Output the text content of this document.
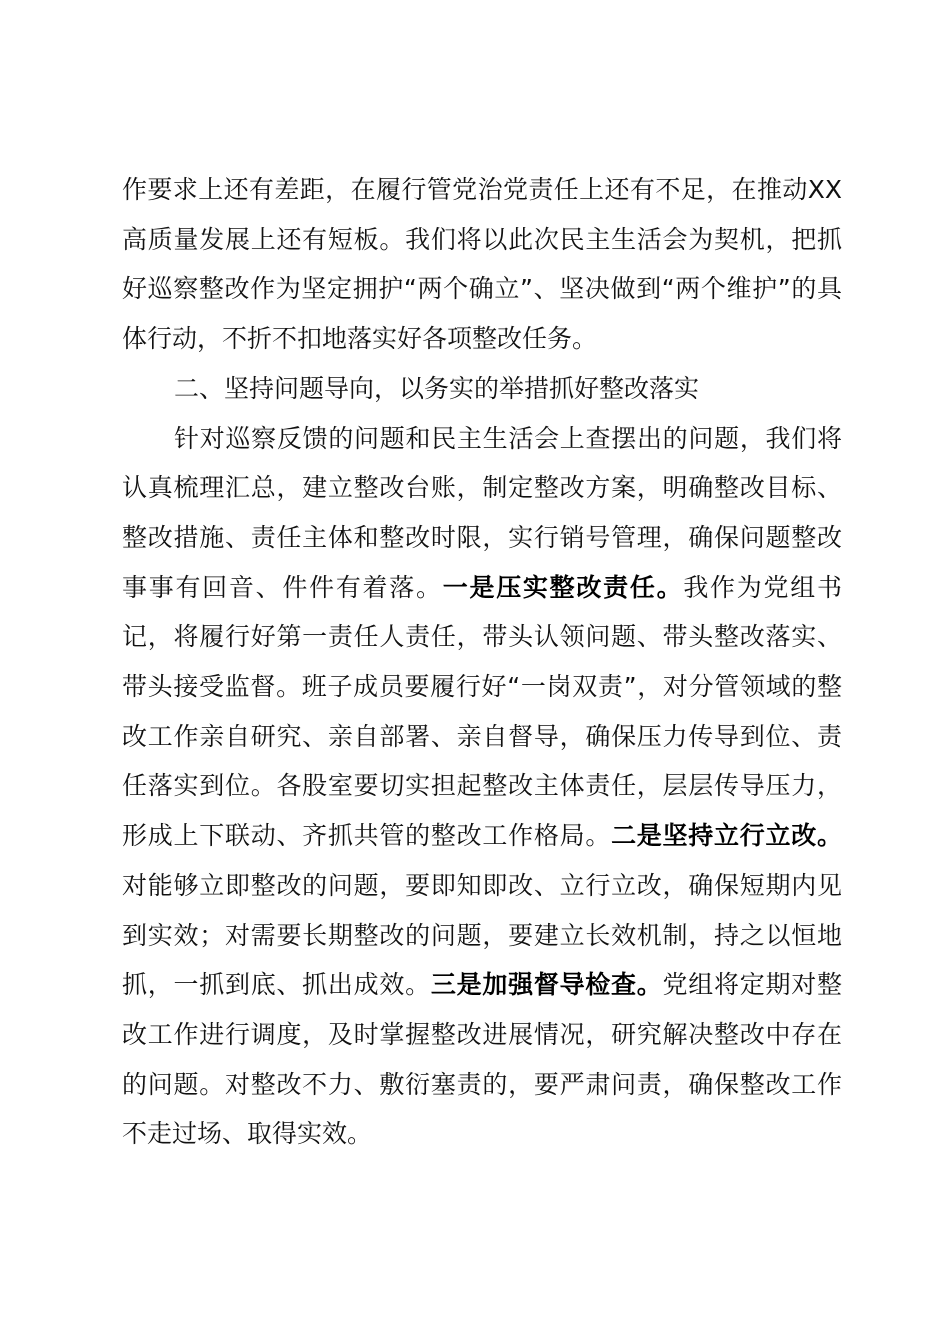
作要求上还有差距，在履行管党治党责任上还有不足，在推动XX高质量发展上还有短板。我们将以此次民主生活会为契机，把抓好巡察整改作为坚定拥护“两个确立”、坚决做到“两个维护”的具体行动，不折不扣地落实好各项整改任务。

二、坚持问题导向，以务实的举措抓好整改落实

针对巡察反馈的问题和民主生活会上查摆出的问题，我们将认真梳理汇总，建立整改台账，制定整改方案，明确整改目标、整改措施、责任主体和整改时限，实行销号管理，确保问题整改事事有回音、件件有着落。一是压实整改责任。我作为党组书记，将履行好第一责任人责任，带头认领问题、带头整改落实、带头接受监督。班子成员要履行好“一岗双责”，对分管领域的整改工作亲自研究、亲自部署、亲自督导，确保压力传导到位、责任落实到位。各股室要切实担起整改主体责任，层层传导压力，形成上下联动、齐抓共管的整改工作格局。二是坚持立行立改。对能够立即整改的问题，要即知即改、立行立改，确保短期内见到实效；对需要长期整改的问题，要建立长效机制，持之以恒地抓，一抓到底、抓出成效。三是加强督导检查。党组将定期对整改工作进行调度，及时掌握整改进展情况，研究解决整改中存在的问题。对整改不力、敷衍塞责的，要严肃问责，确保整改工作不走过场、取得实效。
